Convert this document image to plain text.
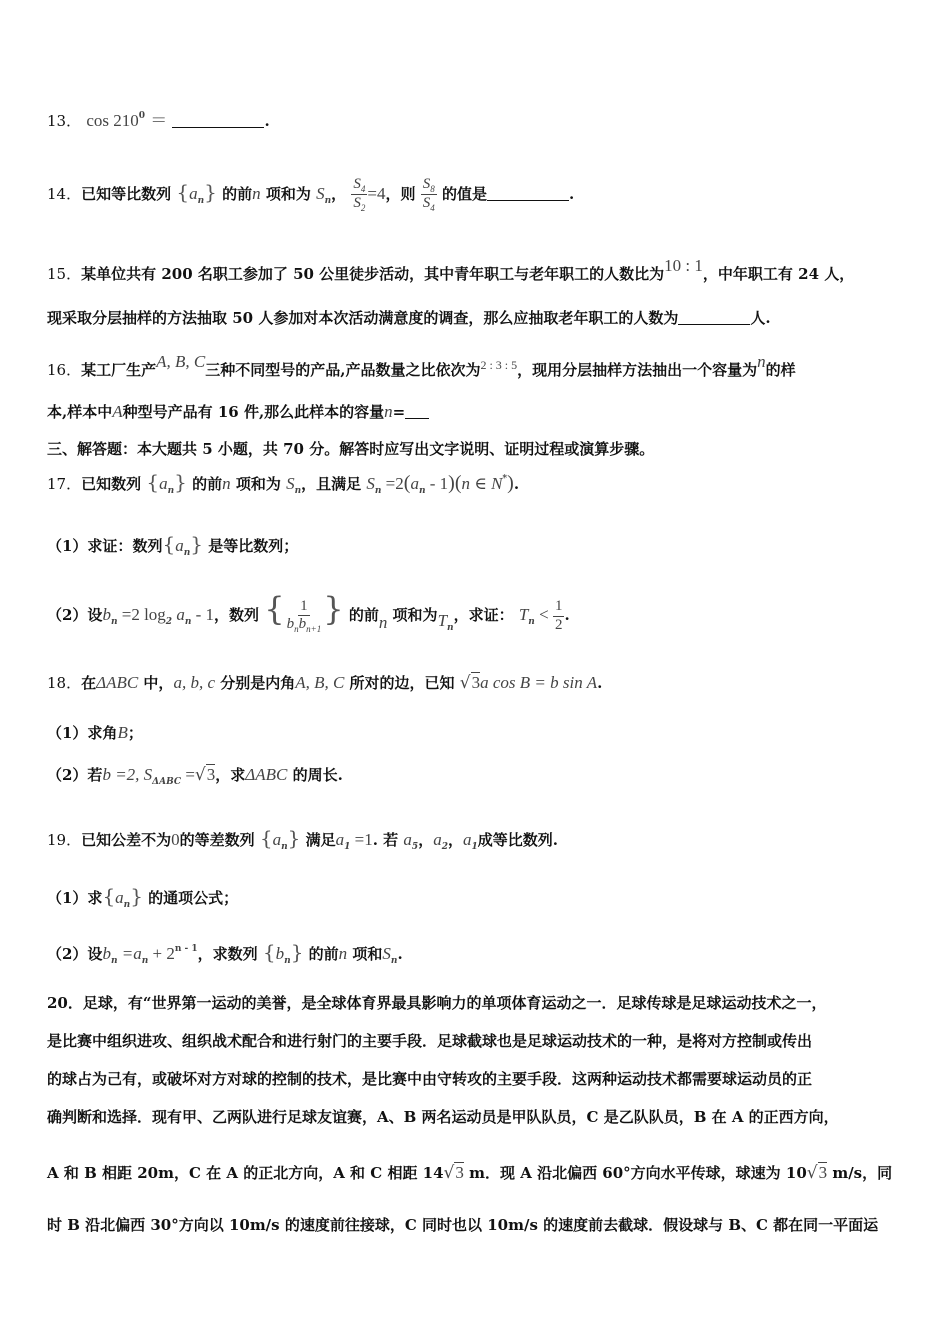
13． $\cos 210^0$ ＝	.
14．已知等比数列 $\{a_n\}$ 的前n 项和为 $S_n$， $\frac{S_4}{S_2} =4$，则 $\frac{S_8}{S_4}$ 的值是	.
15．某单位共有 200 名职工参加了 50 公里徒步活动，其中青年职工与老年职工的人数比为10 : 1，中年职工有 24 人，
现采取分层抽样的方法抽取 50 人参加对本次活动满意度的调查，那么应抽取老年职工的人数为	人.
16．某工厂生产A, B, C三种不同型号的产品,产品数量之比依次为$^{2 : 3 : 5}$，现用分层抽样方法抽出一个容量为n的样
本,样本中A种型号产品有 16 件,那么此样本的容量n=
三、解答题：本大题共 5 小题，共 70 分。解答时应写出文字说明、证明过程或演算步骤。
17．已知数列 $\{a_n\}$ 的前n 项和为 $S_n$，且满足 $S_n =2(a_n - 1)(n$ ∈ N*).
（1）求证：数列$\{a_n\}$ 是等比数列；
（2）设$b_n =2$ $\log_2 a_n - 1$，数列 { $\frac{1}{b_nb_{n+1}}$ } 的前n 项和为$T_n$，求证： $T_n < \frac{1}{2}$ .
18．在ΔABC 中，a, b, c 分别是内角A, B, C 所对的边，已知 √3a cos B = b sin A.
（1）求角B；
（2）若b =2, $S_{\Delta ABC} =√3$，求ΔABC 的周长.
19．已知公差不为0的等差数列 $\{a_n\}$ 满足$a_1 =1$. 若 $a_5$，$a_2$，$a_1$成等比数列.
（1）求$\{a_n\}$ 的通项公式；
（2）设$b_n =a_n + 2^{n - 1}$，求数列 $\{b_n\}$ 的前n 项和$S_n$.
20．足球，有“世界第一运动的美誉，是全球体育界最具影响力的单项体育运动之一．足球传球是足球运动技术之一，
是比赛中组织进攻、组织战术配合和进行射门的主要手段．足球截球也是足球运动技术的一种，是将对方控制或传出
的球占为己有，或破坏对方对球的控制的技术，是比赛中由守转攻的主要手段．这两种运动技术都需要球运动员的正
确判断和选择．现有甲、乙两队进行足球友谊赛，A、B 两名运动员是甲队队员，C 是乙队队员，B 在 A 的正西方向，
A 和 B 相距 20m，C 在 A 的正北方向，A 和 C 相距 14√3 m．现 A 沿北偏西 60°方向水平传球，球速为 10√3 m/s，同
时 B 沿北偏西 30°方向以 10m/s 的速度前往接球，C 同时也以 10m/s 的速度前去截球．假设球与 B、C 都在同一平面运
